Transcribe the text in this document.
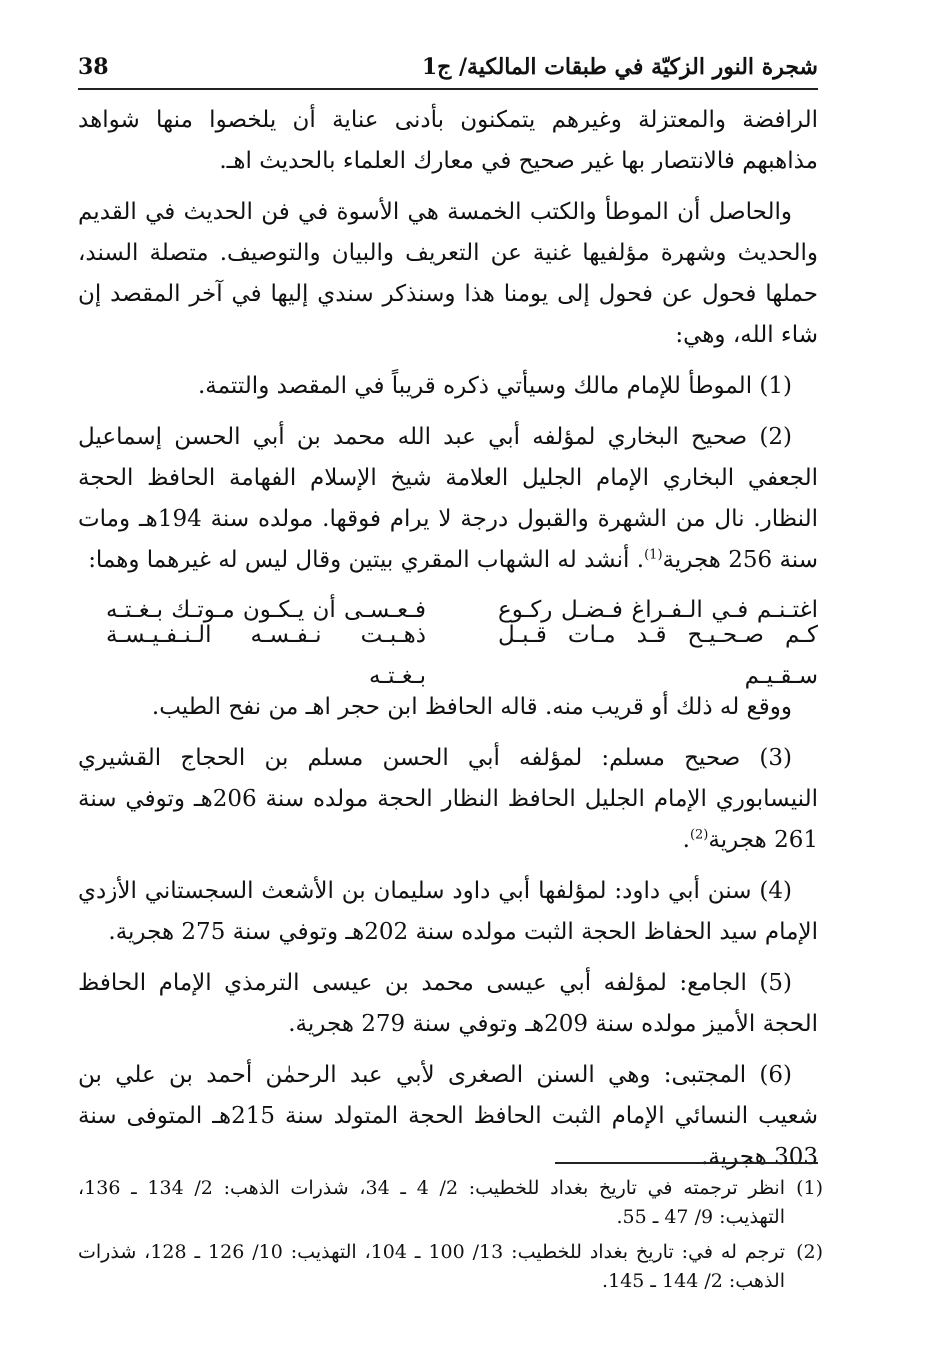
شجرة النور الزكيّة في طبقات المالكية/ ج1
38

الرافضة والمعتزلة وغيرهم يتمكنون بأدنى عناية أن يلخصوا منها شواهد مذاهبهم فالانتصار بها غير صحيح في معارك العلماء بالحديث اهـ.

والحاصل أن الموطأ والكتب الخمسة هي الأسوة في فن الحديث في القديم والحديث وشهرة مؤلفيها غنية عن التعريف والبيان والتوصيف. متصلة السند، حملها فحول عن فحول إلى يومنا هذا وسنذكر سندي إليها في آخر المقصد إن شاء الله، وهي:

(1) الموطأ للإمام مالك وسيأتي ذكره قريباً في المقصد والتتمة.

(2) صحيح البخاري لمؤلفه أبي عبد الله محمد بن أبي الحسن إسماعيل الجعفي البخاري الإمام الجليل العلامة شيخ الإسلام الفهامة الحافظ الحجة النظار. نال من الشهرة والقبول درجة لا يرام فوقها. مولده سنة 194هـ ومات سنة 256 هجرية$^{(1)}$. أنشد له الشهاب المقري بيتين وقال ليس له غيرهما وهما:

اغتـنـم فـي الـفـراغ فـضـل ركـوع
فـعـسـى أن يـكـون مـوتـك بـغـتـه
كـم صـحـيـح قـد مـات قـبـل سـقـيـم
ذهـبـت نـفـسـه الـنـفـيـسـة بـغـتـه

ووقع له ذلك أو قريب منه. قاله الحافظ ابن حجر اهـ من نفح الطيب.

(3) صحيح مسلم: لمؤلفه أبي الحسن مسلم بن الحجاج القشيري النيسابوري الإمام الجليل الحافظ النظار الحجة مولده سنة 206هـ وتوفي سنة 261 هجرية$^{(2)}$.

(4) سنن أبي داود: لمؤلفها أبي داود سليمان بن الأشعث السجستاني الأزدي الإمام سيد الحفاظ الحجة الثبت مولده سنة 202هـ وتوفي سنة 275 هجرية.

(5) الجامع: لمؤلفه أبي عيسى محمد بن عيسى الترمذي الإمام الحافظ الحجة الأميز مولده سنة 209هـ وتوفي سنة 279 هجرية.

(6) المجتبى: وهي السنن الصغرى لأبي عبد الرحمٰن أحمد بن علي بن شعيب النسائي الإمام الثبت الحافظ الحجة المتولد سنة 215هـ المتوفى سنة 303 هجرية.

(1)
انظر ترجمته في تاريخ بغداد للخطيب: 2/ 4 ـ 34، شذرات الذهب: 2/ 134 ـ 136، التهذيب: 9/ 47 ـ 55.
(2)
ترجم له في: تاريخ بغداد للخطيب: 13/ 100 ـ 104، التهذيب: 10/ 126 ـ 128، شذرات الذهب: 2/ 144 ـ 145.
